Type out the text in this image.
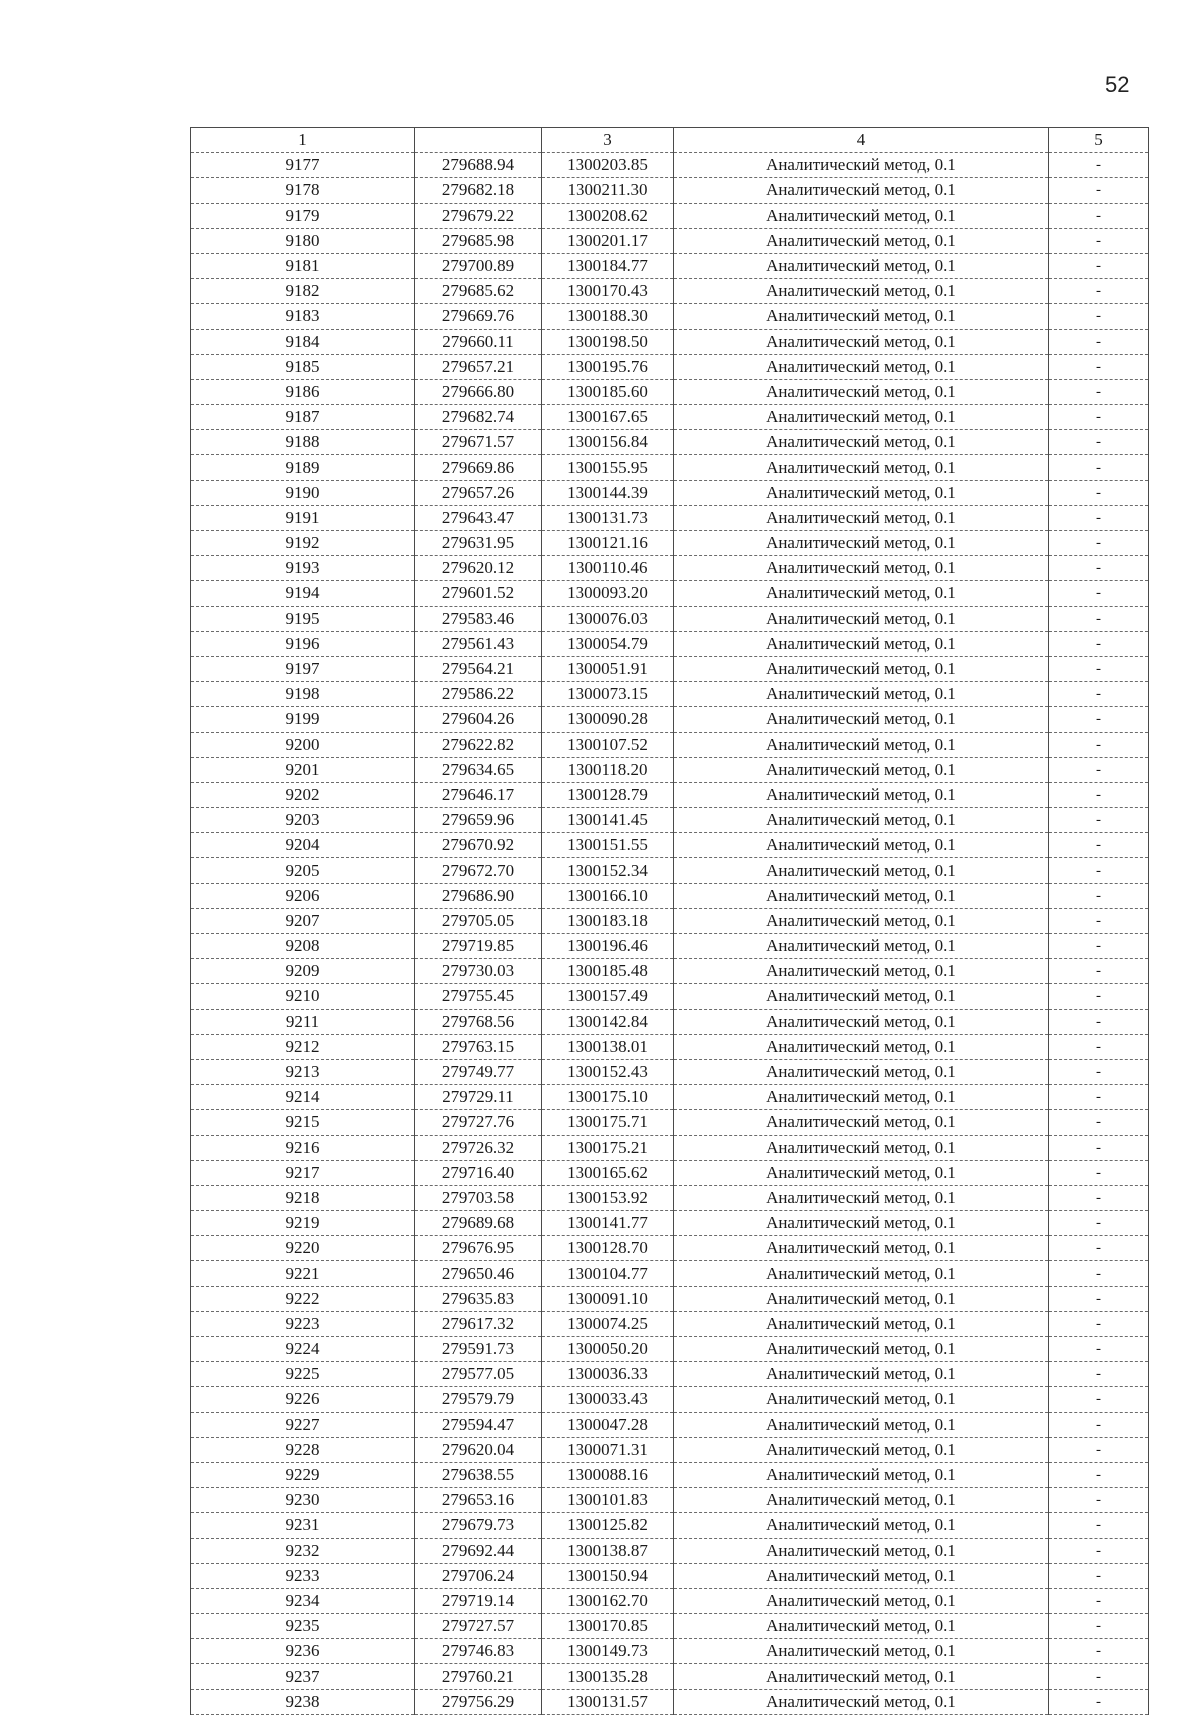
52
1		3	4	5
9177	279688.94	1300203.85	Аналитический метод, 0.1	-
9178	279682.18	1300211.30	Аналитический метод, 0.1	-
9179	279679.22	1300208.62	Аналитический метод, 0.1	-
9180	279685.98	1300201.17	Аналитический метод, 0.1	-
9181	279700.89	1300184.77	Аналитический метод, 0.1	-
9182	279685.62	1300170.43	Аналитический метод, 0.1	-
9183	279669.76	1300188.30	Аналитический метод, 0.1	-
9184	279660.11	1300198.50	Аналитический метод, 0.1	-
9185	279657.21	1300195.76	Аналитический метод, 0.1	-
9186	279666.80	1300185.60	Аналитический метод, 0.1	-
9187	279682.74	1300167.65	Аналитический метод, 0.1	-
9188	279671.57	1300156.84	Аналитический метод, 0.1	-
9189	279669.86	1300155.95	Аналитический метод, 0.1	-
9190	279657.26	1300144.39	Аналитический метод, 0.1	-
9191	279643.47	1300131.73	Аналитический метод, 0.1	-
9192	279631.95	1300121.16	Аналитический метод, 0.1	-
9193	279620.12	1300110.46	Аналитический метод, 0.1	-
9194	279601.52	1300093.20	Аналитический метод, 0.1	-
9195	279583.46	1300076.03	Аналитический метод, 0.1	-
9196	279561.43	1300054.79	Аналитический метод, 0.1	-
9197	279564.21	1300051.91	Аналитический метод, 0.1	-
9198	279586.22	1300073.15	Аналитический метод, 0.1	-
9199	279604.26	1300090.28	Аналитический метод, 0.1	-
9200	279622.82	1300107.52	Аналитический метод, 0.1	-
9201	279634.65	1300118.20	Аналитический метод, 0.1	-
9202	279646.17	1300128.79	Аналитический метод, 0.1	-
9203	279659.96	1300141.45	Аналитический метод, 0.1	-
9204	279670.92	1300151.55	Аналитический метод, 0.1	-
9205	279672.70	1300152.34	Аналитический метод, 0.1	-
9206	279686.90	1300166.10	Аналитический метод, 0.1	-
9207	279705.05	1300183.18	Аналитический метод, 0.1	-
9208	279719.85	1300196.46	Аналитический метод, 0.1	-
9209	279730.03	1300185.48	Аналитический метод, 0.1	-
9210	279755.45	1300157.49	Аналитический метод, 0.1	-
9211	279768.56	1300142.84	Аналитический метод, 0.1	-
9212	279763.15	1300138.01	Аналитический метод, 0.1	-
9213	279749.77	1300152.43	Аналитический метод, 0.1	-
9214	279729.11	1300175.10	Аналитический метод, 0.1	-
9215	279727.76	1300175.71	Аналитический метод, 0.1	-
9216	279726.32	1300175.21	Аналитический метод, 0.1	-
9217	279716.40	1300165.62	Аналитический метод, 0.1	-
9218	279703.58	1300153.92	Аналитический метод, 0.1	-
9219	279689.68	1300141.77	Аналитический метод, 0.1	-
9220	279676.95	1300128.70	Аналитический метод, 0.1	-
9221	279650.46	1300104.77	Аналитический метод, 0.1	-
9222	279635.83	1300091.10	Аналитический метод, 0.1	-
9223	279617.32	1300074.25	Аналитический метод, 0.1	-
9224	279591.73	1300050.20	Аналитический метод, 0.1	-
9225	279577.05	1300036.33	Аналитический метод, 0.1	-
9226	279579.79	1300033.43	Аналитический метод, 0.1	-
9227	279594.47	1300047.28	Аналитический метод, 0.1	-
9228	279620.04	1300071.31	Аналитический метод, 0.1	-
9229	279638.55	1300088.16	Аналитический метод, 0.1	-
9230	279653.16	1300101.83	Аналитический метод, 0.1	-
9231	279679.73	1300125.82	Аналитический метод, 0.1	-
9232	279692.44	1300138.87	Аналитический метод, 0.1	-
9233	279706.24	1300150.94	Аналитический метод, 0.1	-
9234	279719.14	1300162.70	Аналитический метод, 0.1	-
9235	279727.57	1300170.85	Аналитический метод, 0.1	-
9236	279746.83	1300149.73	Аналитический метод, 0.1	-
9237	279760.21	1300135.28	Аналитический метод, 0.1	-
9238	279756.29	1300131.57	Аналитический метод, 0.1	-
